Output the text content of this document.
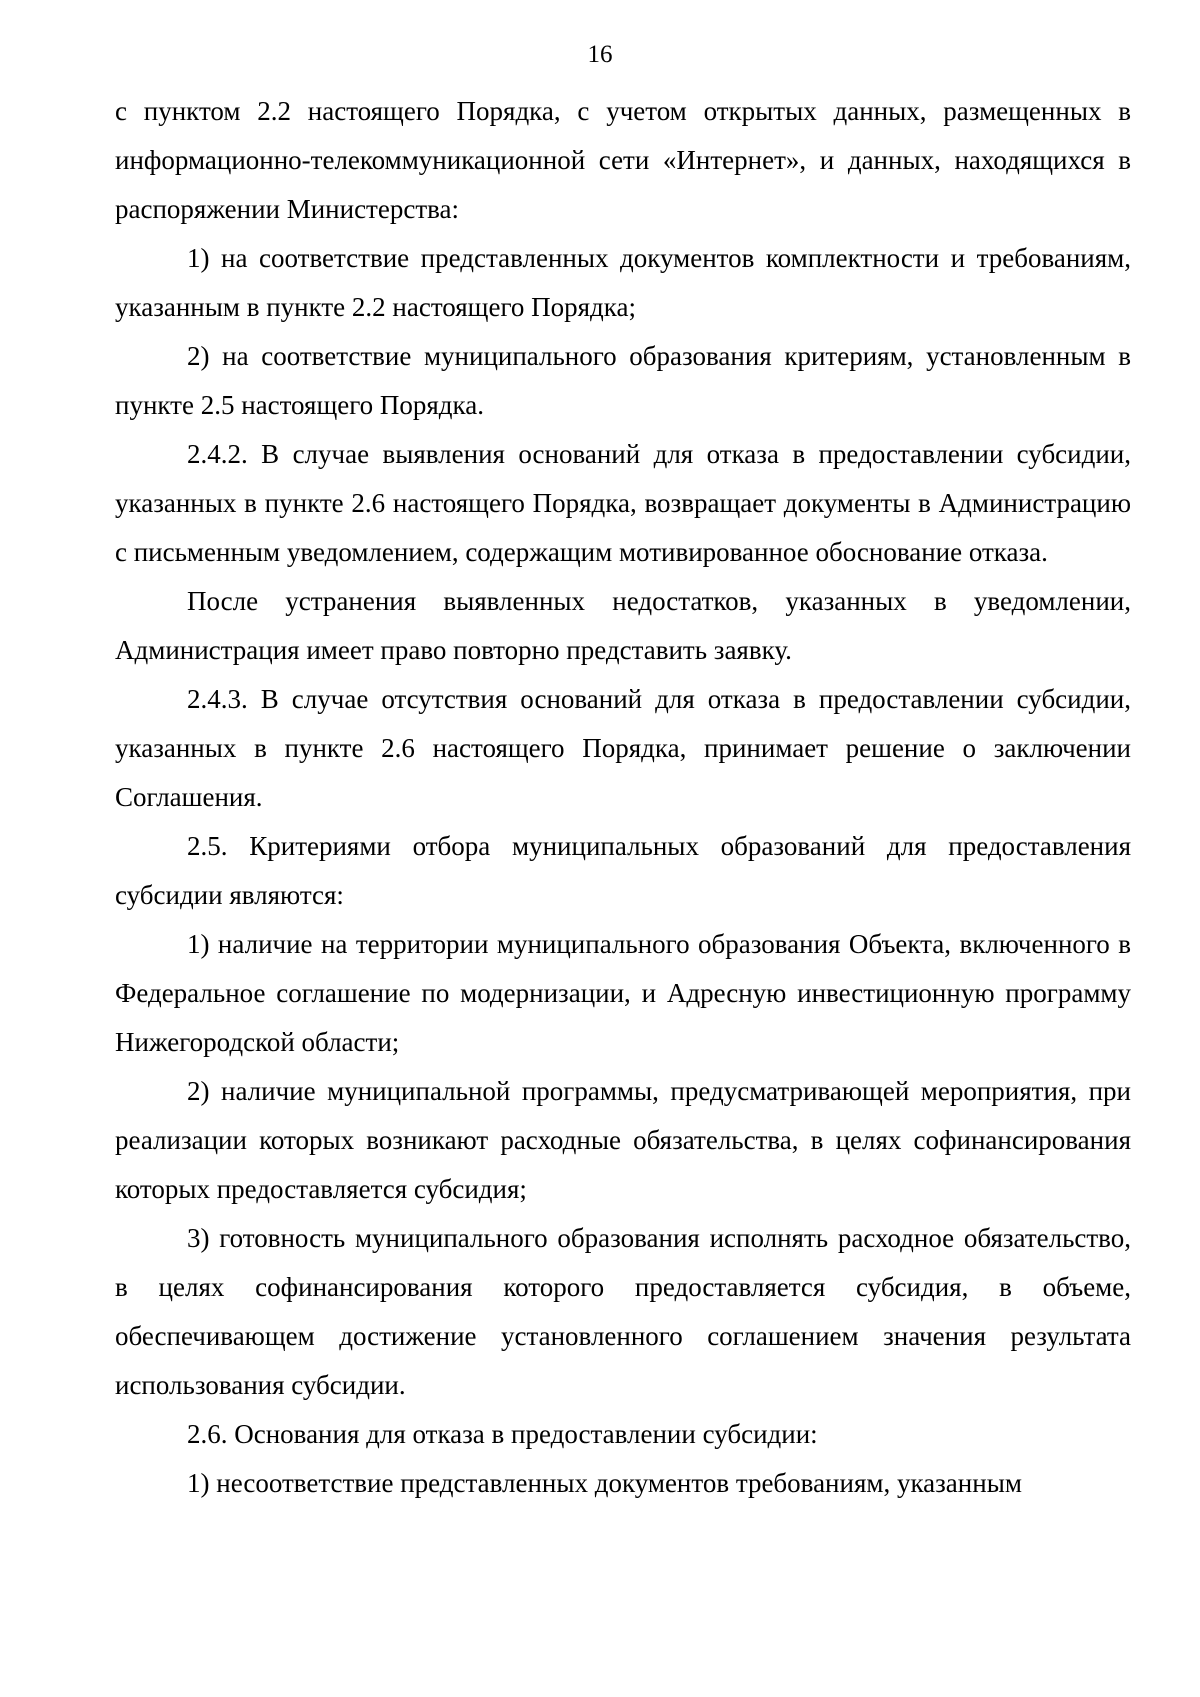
16

с пунктом 2.2 настоящего Порядка, с учетом открытых данных, размещенных в информационно-телекоммуникационной сети «Интернет», и данных, находящихся в распоряжении Министерства:

1) на соответствие представленных документов комплектности и требованиям, указанным в пункте 2.2 настоящего Порядка;

2) на соответствие муниципального образования критериям, установленным в пункте 2.5 настоящего Порядка.

2.4.2. В случае выявления оснований для отказа в предоставлении субсидии, указанных в пункте 2.6 настоящего Порядка, возвращает документы в Администрацию с письменным уведомлением, содержащим мотивированное обоснование отказа.

После устранения выявленных недостатков, указанных в уведомлении, Администрация имеет право повторно представить заявку.

2.4.3. В случае отсутствия оснований для отказа в предоставлении субсидии, указанных в пункте 2.6 настоящего Порядка, принимает решение о заключении Соглашения.

2.5. Критериями отбора муниципальных образований для предоставления субсидии являются:

1) наличие на территории муниципального образования Объекта, включенного в Федеральное соглашение по модернизации, и Адресную инвестиционную программу Нижегородской области;

2) наличие муниципальной программы, предусматривающей мероприятия, при реализации которых возникают расходные обязательства, в целях софинансирования которых предоставляется субсидия;

3) готовность муниципального образования исполнять расходное обязательство, в целях софинансирования которого предоставляется субсидия, в объеме, обеспечивающем достижение установленного соглашением значения результата использования субсидии.

2.6. Основания для отказа в предоставлении субсидии:

1) несоответствие представленных документов требованиям, указанным
